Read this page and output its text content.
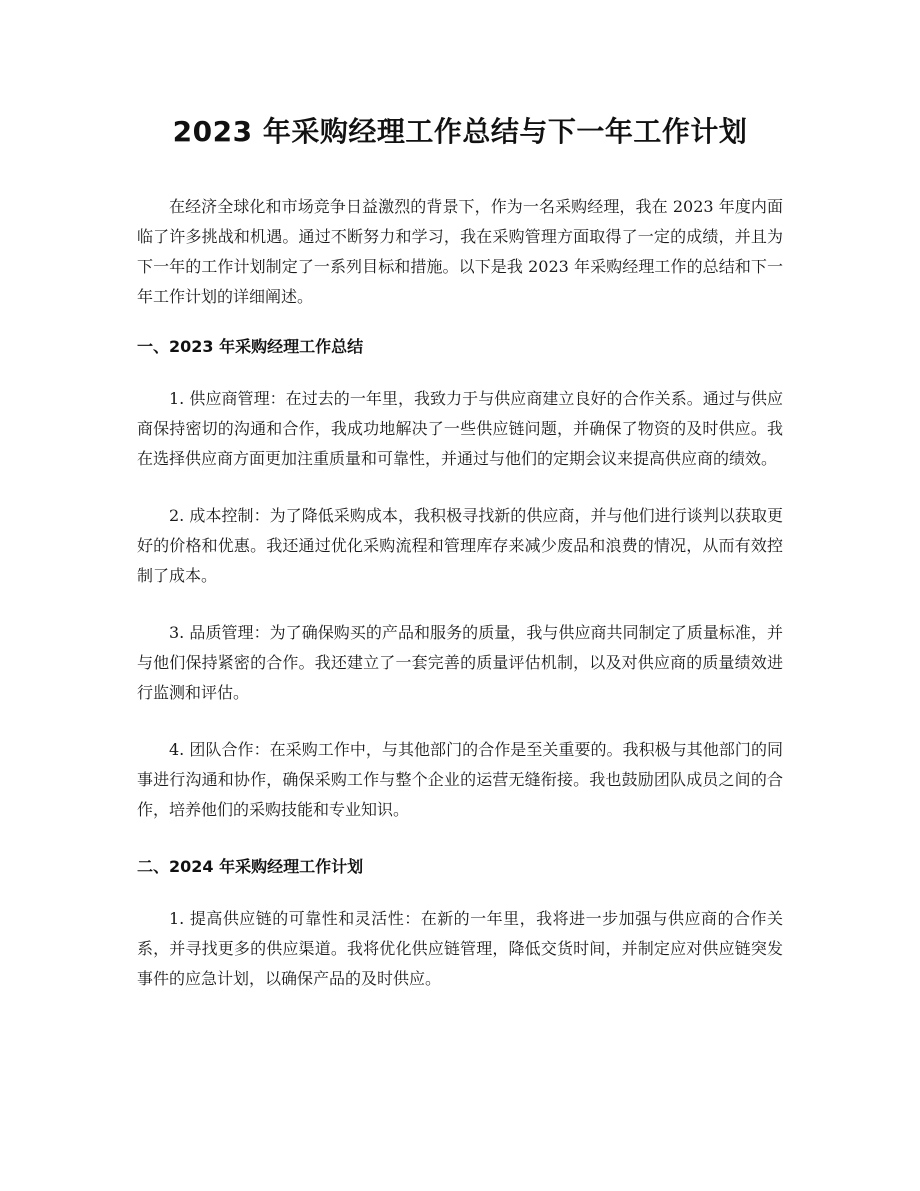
2023 年采购经理工作总结与下一年工作计划

在经济全球化和市场竞争日益激烈的背景下，作为一名采购经理，我在 2023 年度内面临了许多挑战和机遇。通过不断努力和学习，我在采购管理方面取得了一定的成绩，并且为下一年的工作计划制定了一系列目标和措施。以下是我 2023 年采购经理工作的总结和下一年工作计划的详细阐述。

一、2023 年采购经理工作总结

1. 供应商管理：在过去的一年里，我致力于与供应商建立良好的合作关系。通过与供应商保持密切的沟通和合作，我成功地解决了一些供应链问题，并确保了物资的及时供应。我在选择供应商方面更加注重质量和可靠性，并通过与他们的定期会议来提高供应商的绩效。

2. 成本控制：为了降低采购成本，我积极寻找新的供应商，并与他们进行谈判以获取更好的价格和优惠。我还通过优化采购流程和管理库存来减少废品和浪费的情况，从而有效控制了成本。

3. 品质管理：为了确保购买的产品和服务的质量，我与供应商共同制定了质量标准，并与他们保持紧密的合作。我还建立了一套完善的质量评估机制，以及对供应商的质量绩效进行监测和评估。

4. 团队合作：在采购工作中，与其他部门的合作是至关重要的。我积极与其他部门的同事进行沟通和协作，确保采购工作与整个企业的运营无缝衔接。我也鼓励团队成员之间的合作，培养他们的采购技能和专业知识。

二、2024 年采购经理工作计划

1. 提高供应链的可靠性和灵活性：在新的一年里，我将进一步加强与供应商的合作关系，并寻找更多的供应渠道。我将优化供应链管理，降低交货时间，并制定应对供应链突发事件的应急计划，以确保产品的及时供应。
